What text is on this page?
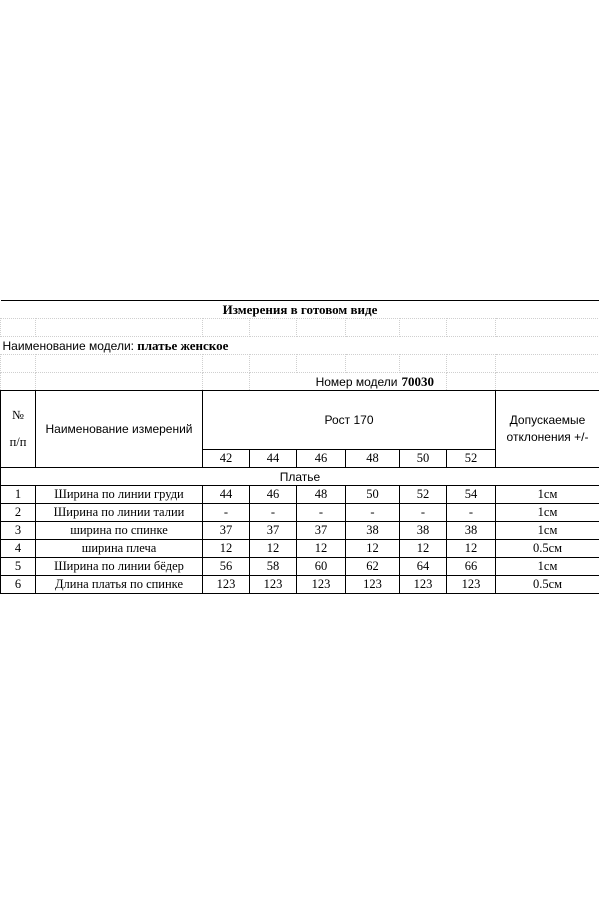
Измерения в готовом виде								

Наименование модели: платье женское								

			Номер модели			70030		

№
п/п	Наименование измерений	Рост 170						Допускаемые отклонения +/-
		42	44	46	48	50	52	
Платье								
1	Ширина по линии груди	44	46	48	50	52	54	1см
2	Ширина по линии талии	-	-	-	-	-	-	1см
3	ширина по спинке	37	37	37	38	38	38	1см
4	ширина плеча	12	12	12	12	12	12	0.5см
5	Ширина по линии бёдер	56	58	60	62	64	66	1см
6	Длина платья по спинке	123	123	123	123	123	123	0.5см
